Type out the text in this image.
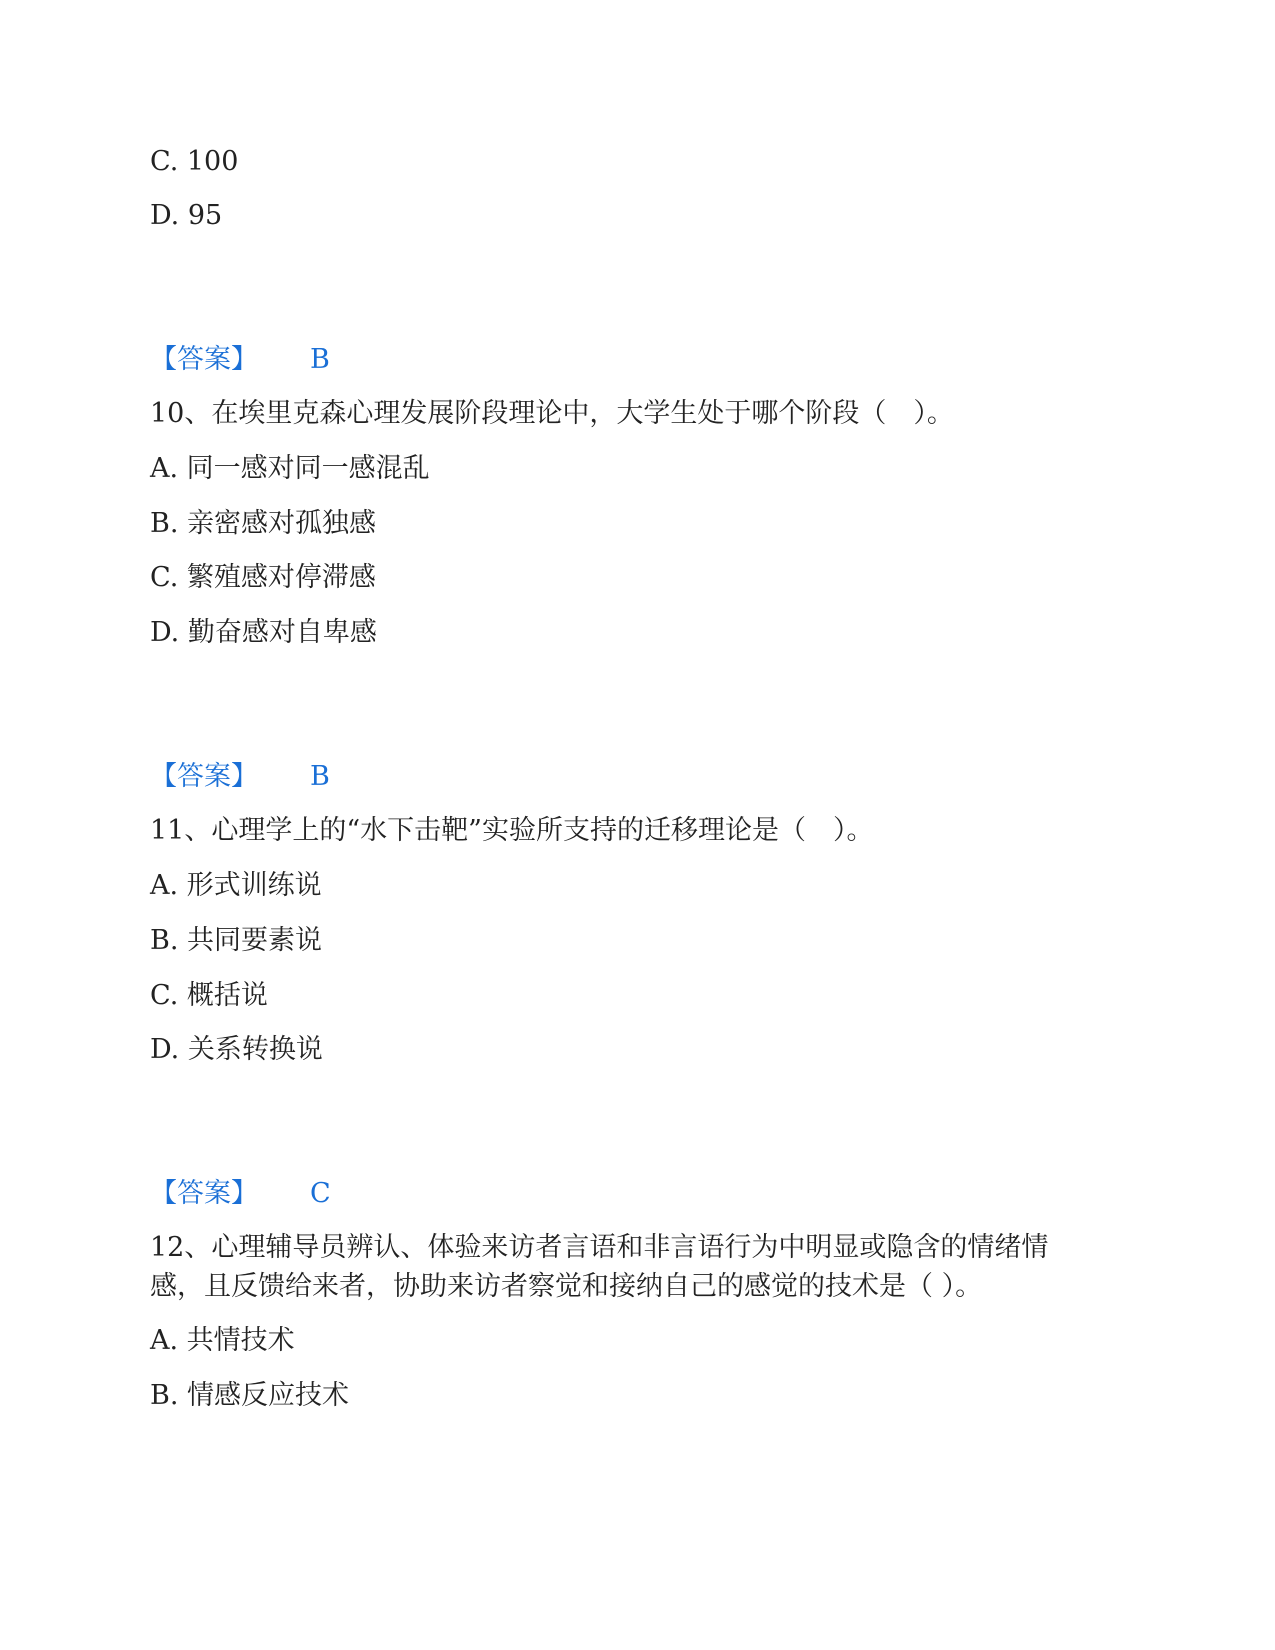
C. 100
D. 95
【答案】 B
10、在埃里克森心理发展阶段理论中，大学生处于哪个阶段（　）。
A. 同一感对同一感混乱
B. 亲密感对孤独感
C. 繁殖感对停滞感
D. 勤奋感对自卑感
【答案】 B
11、心理学上的“水下击靶”实验所支持的迁移理论是（　）。
A. 形式训练说
B. 共同要素说
C. 概括说
D. 关系转换说
【答案】 C
12、心理辅导员辨认、体验来访者言语和非言语行为中明显或隐含的情绪情
感，且反馈给来者，协助来访者察觉和接纳自己的感觉的技术是（ ）。
A. 共情技术
B. 情感反应技术
